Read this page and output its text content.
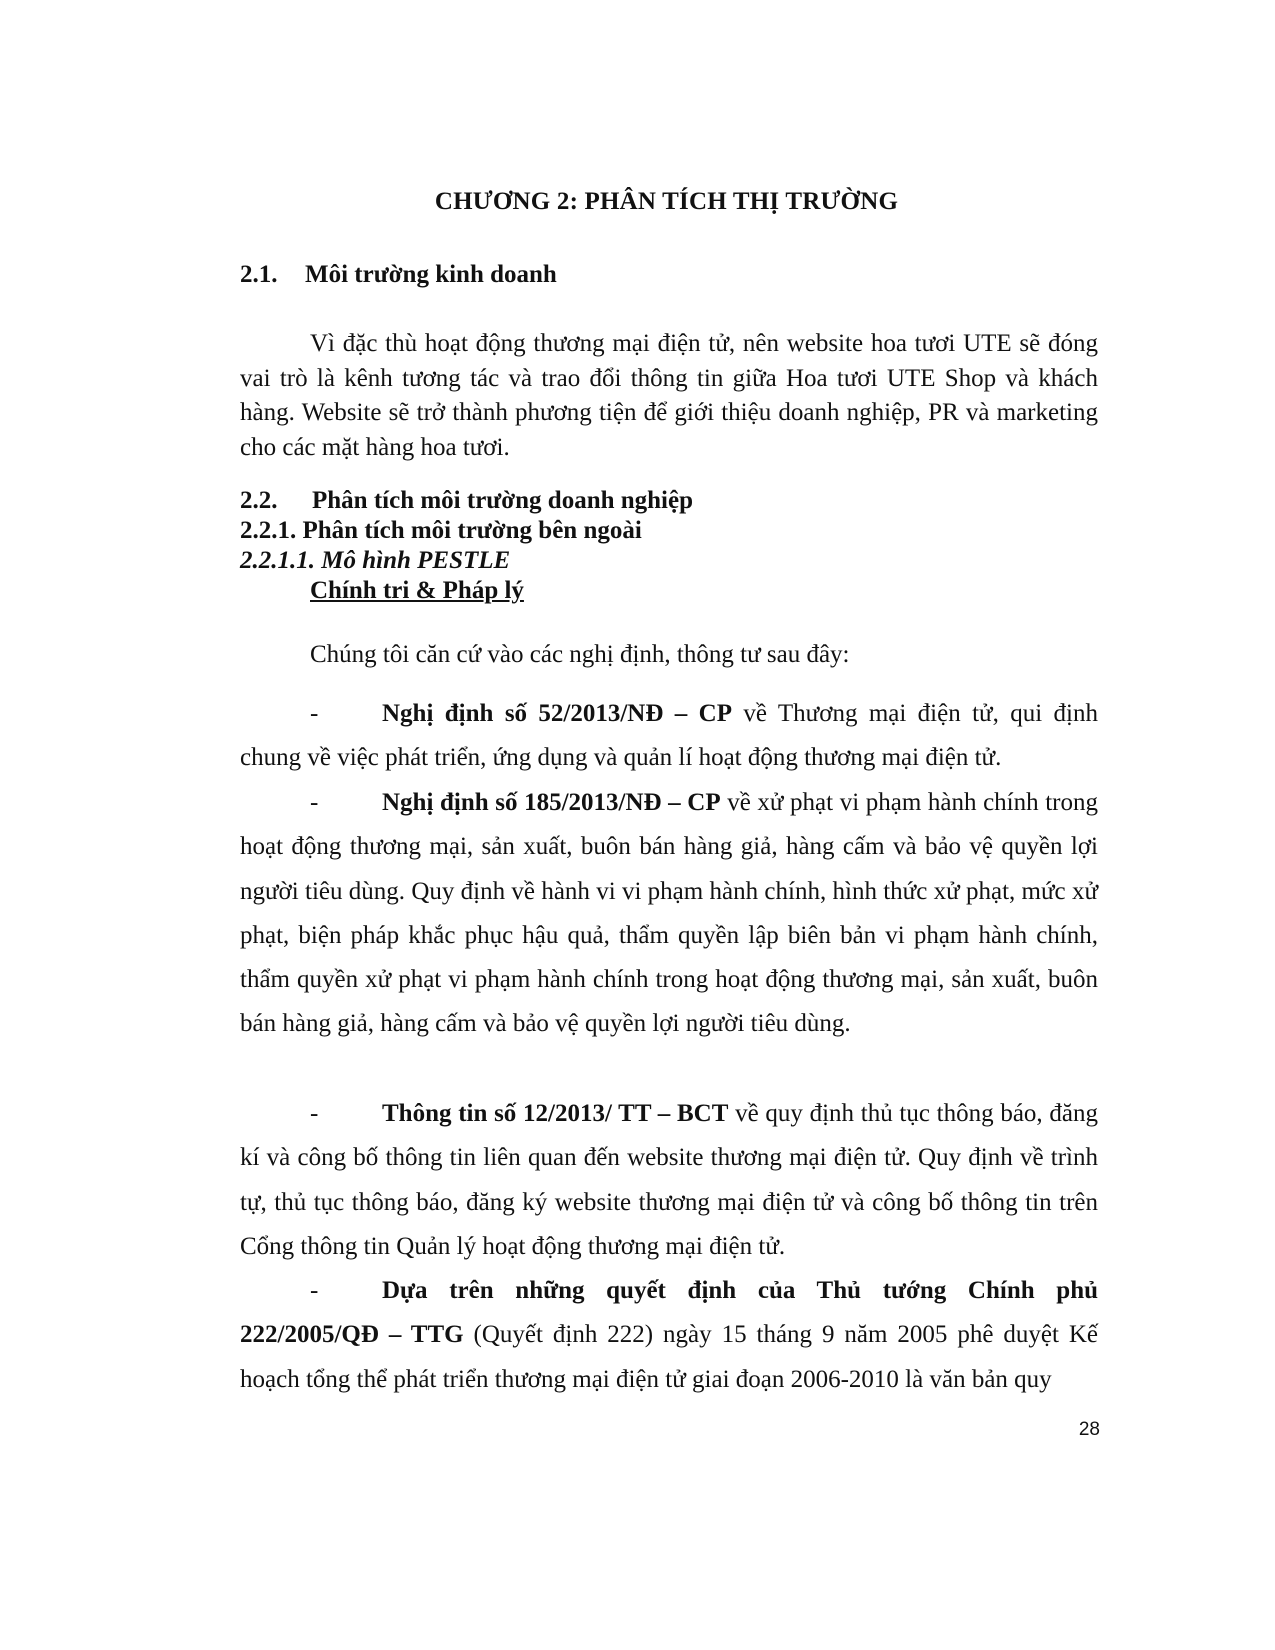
CHƯƠNG 2: PHÂN TÍCH THỊ TRƯỜNG

2.1. Môi trường kinh doanh

Vì đặc thù hoạt động thương mại điện tử, nên website hoa tươi UTE sẽ đóng vai trò là kênh tương tác và trao đổi thông tin giữa Hoa tươi UTE Shop và khách hàng. Website sẽ trở thành phương tiện để giới thiệu doanh nghiệp, PR và marketing cho các mặt hàng hoa tươi.

2.2. Phân tích môi trường doanh nghiệp

2.2.1. Phân tích môi trường bên ngoài

2.2.1.1. Mô hình PESTLE

Chính tri & Pháp lý

Chúng tôi căn cứ vào các nghị định, thông tư sau đây:

-	Nghị định số 52/2013/NĐ – CP về Thương mại điện tử, qui định chung về việc phát triển, ứng dụng và quản lí hoạt động thương mại điện tử.

-	Nghị định số 185/2013/NĐ – CP về xử phạt vi phạm hành chính trong hoạt động thương mại, sản xuất, buôn bán hàng giả, hàng cấm và bảo vệ quyền lợi người tiêu dùng. Quy định về hành vi vi phạm hành chính, hình thức xử phạt, mức xử phạt, biện pháp khắc phục hậu quả, thẩm quyền lập biên bản vi phạm hành chính, thẩm quyền xử phạt vi phạm hành chính trong hoạt động thương mại, sản xuất, buôn bán hàng giả, hàng cấm và bảo vệ quyền lợi người tiêu dùng.

-	Thông tin số 12/2013/ TT – BCT về quy định thủ tục thông báo, đăng kí và công bố thông tin liên quan đến website thương mại điện tử. Quy định về trình tự, thủ tục thông báo, đăng ký website thương mại điện tử và công bố thông tin trên Cổng thông tin Quản lý hoạt động thương mại điện tử.

-	Dựa trên những quyết định của Thủ tướng Chính phủ 222/2005/QĐ – TTG (Quyết định 222) ngày 15 tháng 9 năm 2005 phê duyệt Kế hoạch tổng thể phát triển thương mại điện tử giai đoạn 2006-2010 là văn bản quy

28
